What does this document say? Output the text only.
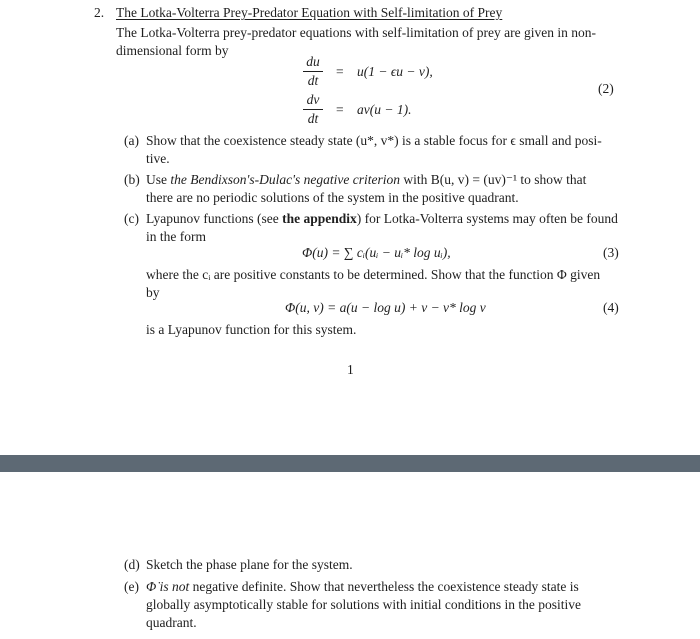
2. The Lotka-Volterra Prey-Predator Equation with Self-limitation of Prey
The Lotka-Volterra prey-predator equations with self-limitation of prey are given in non-
dimensional form by
du
dt
= u(1 − ϵu − v),
dv
dt
= av(u − 1).
(2)
(a) Show that the coexistence steady state (u*, v*) is a stable focus for ϵ small and posi-
tive.
(b) Use the Bendixson's-Dulac's negative criterion with B(u, v) = (uv)⁻¹ to show that
there are no periodic solutions of the system in the positive quadrant.
(c) Lyapunov functions (see the appendix) for Lotka-Volterra systems may often be found
in the form
Φ(u) = ∑ cᵢ(uᵢ − uᵢ* log uᵢ),	(3)
where the cᵢ are positive constants to be determined. Show that the function Φ given
by
Φ(u, v) = a(u − log u) + v − v* log v	(4)
is a Lyapunov function for this system.
1
(d) Sketch the phase plane for the system.
(e) Φ̇ is not negative definite. Show that nevertheless the coexistence steady state is
globally asymptotically stable for solutions with initial conditions in the positive
quadrant.
